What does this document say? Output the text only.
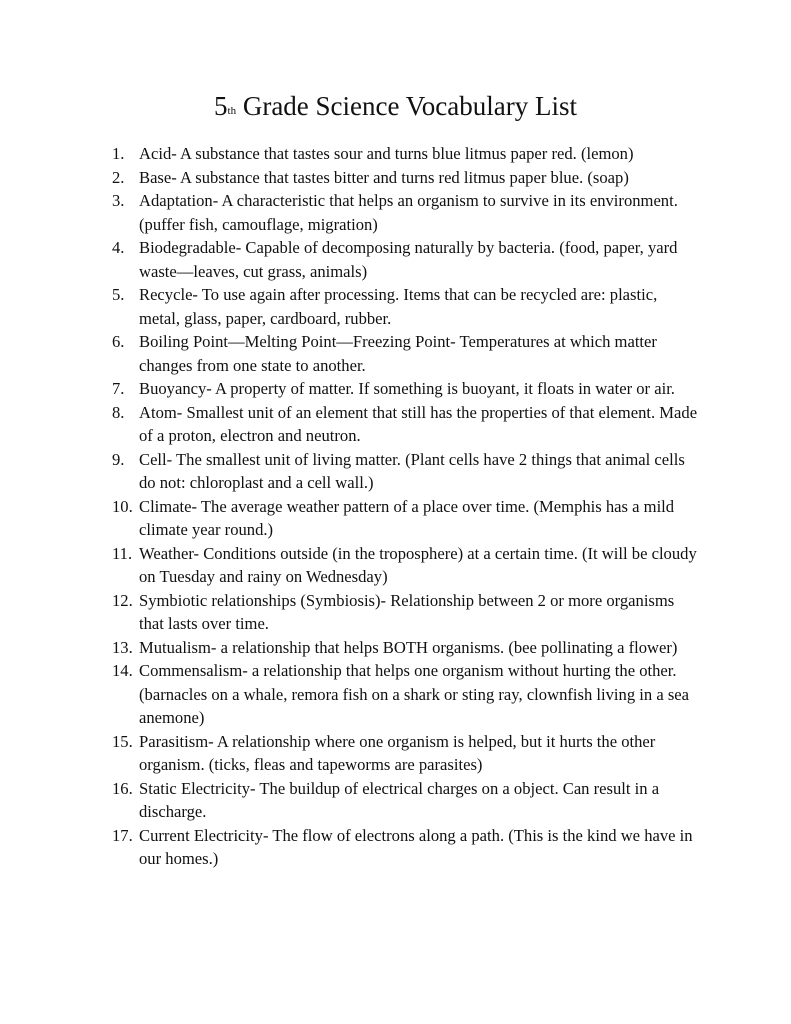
5th Grade Science Vocabulary List
1. Acid- A substance that tastes sour and turns blue litmus paper red. (lemon)
2. Base- A substance that tastes bitter and turns red litmus paper blue. (soap)
3. Adaptation- A characteristic that helps an organism to survive in its environment. (puffer fish, camouflage, migration)
4. Biodegradable- Capable of decomposing naturally by bacteria. (food, paper, yard waste—leaves, cut grass, animals)
5. Recycle- To use again after processing. Items that can be recycled are: plastic, metal, glass, paper, cardboard, rubber.
6. Boiling Point—Melting Point—Freezing Point- Temperatures at which matter changes from one state to another.
7. Buoyancy- A property of matter. If something is buoyant, it floats in water or air.
8. Atom- Smallest unit of an element that still has the properties of that element. Made of a proton, electron and neutron.
9. Cell- The smallest unit of living matter. (Plant cells have 2 things that animal cells do not: chloroplast and a cell wall.)
10. Climate- The average weather pattern of a place over time. (Memphis has a mild climate year round.)
11. Weather- Conditions outside (in the troposphere) at a certain time. (It will be cloudy on Tuesday and rainy on Wednesday)
12. Symbiotic relationships (Symbiosis)- Relationship between 2 or more organisms that lasts over time.
13. Mutualism- a relationship that helps BOTH organisms. (bee pollinating a flower)
14. Commensalism- a relationship that helps one organism without hurting the other. (barnacles on a whale, remora fish on a shark or sting ray, clownfish living in a sea anemone)
15. Parasitism- A relationship where one organism is helped, but it hurts the other organism. (ticks, fleas and tapeworms are parasites)
16. Static Electricity- The buildup of electrical charges on a object. Can result in a discharge.
17. Current Electricity- The flow of electrons along a path. (This is the kind we have in our homes.)
